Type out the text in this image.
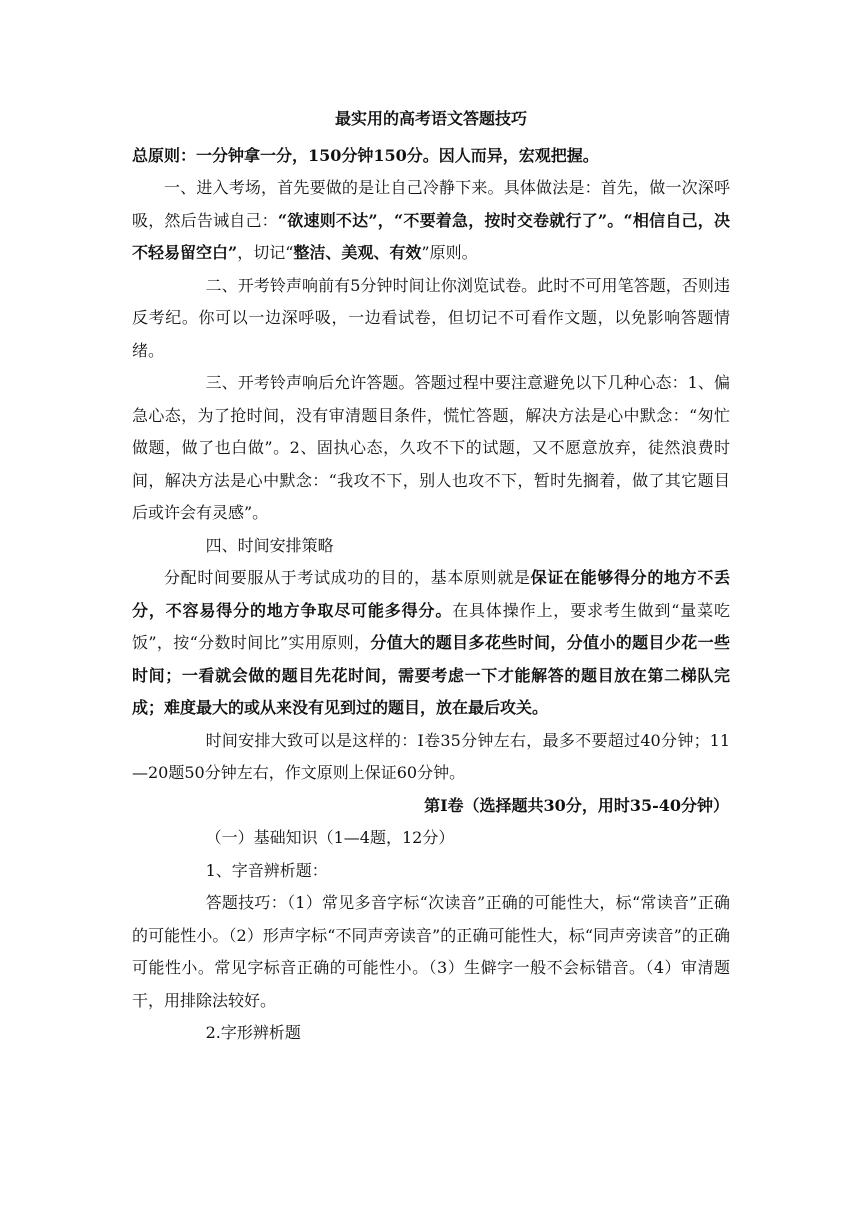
最实用的高考语文答题技巧

总原则：一分钟拿一分，150分钟150分。因人而异，宏观把握。

一、进入考场，首先要做的是让自己冷静下来。具体做法是：首先，做一次深呼吸，然后告诫自己：“欲速则不达”，“不要着急，按时交卷就行了”。“相信自己，决不轻易留空白”，切记“整洁、美观、有效”原则。

二、开考铃声响前有5分钟时间让你浏览试卷。此时不可用笔答题，否则违反考纪。你可以一边深呼吸，一边看试卷，但切记不可看作文题，以免影响答题情绪。

三、开考铃声响后允许答题。答题过程中要注意避免以下几种心态：1、偏急心态，为了抢时间，没有审清题目条件，慌忙答题，解决方法是心中默念：“匆忙做题，做了也白做”。2、固执心态，久攻不下的试题，又不愿意放弃，徒然浪费时间，解决方法是心中默念：“我攻不下，别人也攻不下，暂时先搁着，做了其它题目后或许会有灵感”。

四、时间安排策略

分配时间要服从于考试成功的目的，基本原则就是保证在能够得分的地方不丢分，不容易得分的地方争取尽可能多得分。在具体操作上，要求考生做到“量菜吃饭”，按“分数时间比”实用原则，分值大的题目多花些时间，分值小的题目少花一些时间；一看就会做的题目先花时间，需要考虑一下才能解答的题目放在第二梯队完成；难度最大的或从来没有见到过的题目，放在最后攻关。

时间安排大致可以是这样的：Ⅰ卷35分钟左右，最多不要超过40分钟；11—20题50分钟左右，作文原则上保证60分钟。

第Ⅰ卷（选择题共30分，用时35-40分钟）

（一）基础知识（1—4题，12分）

1、字音辨析题：

答题技巧：（1）常见多音字标“次读音”正确的可能性大，标“常读音”正确的可能性小。（2）形声字标“不同声旁读音”的正确可能性大，标“同声旁读音”的正确可能性小。常见字标音正确的可能性小。（3）生僻字一般不会标错音。（4）审清题干，用排除法较好。

2.字形辨析题
